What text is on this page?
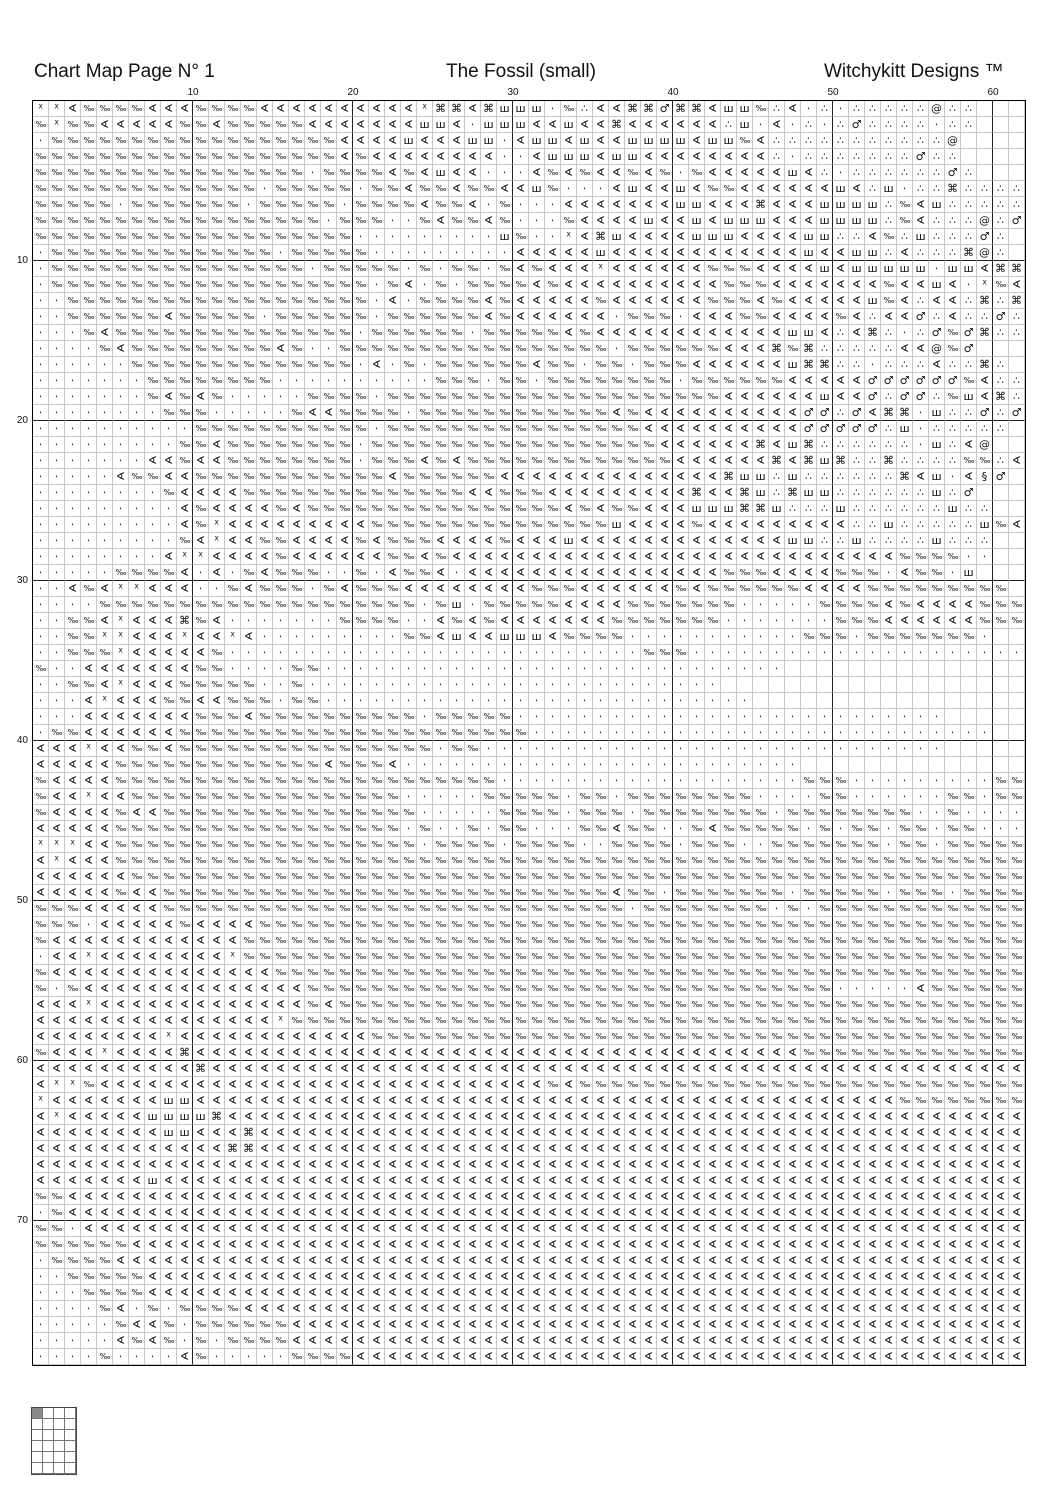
Chart Map Page N° 1	The Fossil (small)	Witchykitt Designs ™
10	20	30	40	50	60
10
20
30
40
50
60
70
ᕁ ᕁ ∢ ‰ ‰ ‰ ‰ ∢ ∢ ∢ ‰ ‰ ‰ ‰ ∢ ∢ ∢ ∢ ∢ ∢ ∢ ∢ ∢ ∢ ᕁ ⌘ ⌘ ∢ ⌘ ш ш ш ·	‰ ∴ ∢ ∢ ⌘ ⌘ ♂ ⌘ ⌘ ∢ ш ш ‰ ∴ ∢ · ∴ · ∴ ∴ ∴ ∴ ∴ @ ∴ ∴
‰ ᕁ	‰ ‰ ∢ ∢ ∢ ∢ ∢ ‰ ‰ ∢ ‰ ‰ ‰ ‰ ‰ ∢ ∢ ∢ ∢ ∢ ∢ ∢ ш ш ∢ · ш ш ш ∢ ∢ ш ∢ ∢ ⌘ ∢ ∢ ∢ ∢ ∢ ∢ ∴ ш · ∢ · ∴ · ∴ ♂ ∴ ∴ ∴ ∴ · ∴ ∴
·	‰ ‰ ‰ ‰ ‰ ‰ ‰ ‰ ‰ ‰ ‰ ‰ ‰ ‰ ‰ ‰ ‰ ‰ ∢ ∢ ∢ ∢ ш ∢ ∢ ∢ ш ш · ∢ ш ш ∢ ш ∢ ∢ ш ш ш ш ∢ ш ш ‰ ∢ ∴ ∴ ∴ ∴ ∴ ∴ ∴ ∴ ∴ ∴ ∴ @
‰ ‰ ‰ ‰ ‰ ‰ ‰ ‰ ‰ ‰ ‰ ‰ ‰ ‰ ‰ ‰ ‰ ‰ ‰ ∢ ‰ ∢ ∢ ∢ ∢ ∢ ∢ ∢ ∢ ·	· ∢ ш ш ш ∢ ш ш ∢ ∢ ∢ ∢ ∢ ∢ ∢ ∢ ∴ · ∴ ∴ ∴ ∴ ∴ ∴ ∴ ♂ ∴ ∴
‰ ‰ ‰ ‰ ‰ ‰ ‰ ‰ ‰ ‰ ‰ ‰ ‰ ‰ ‰ ‰ ‰ ·	‰ ‰ ‰ ‰ ∢ ‰ ∢ ш ∢ ∢ ·	·	· ∢ ‰ ∢ ‰ ∢ ∢ ‰ ∢ ‰ ·	‰ ∢ ∢ ∢ ∢ ∢ ш ∢ ∴ · ∴ ∴ ∴ ∴ ∴ ∴ ♂ ∴
‰ ‰ ‰ ‰ ‰ ‰ ‰ ‰ ‰ ‰ ‰ ‰ ‰ ‰ ·	‰ ‰ ‰ ‰ ‰ ·	‰ ‰ ∢ ‰ ‰ ∢ ‰ ‰ ∢ ∢ ш ‰ ·	·	· ∢ ш ∢ ∢ ш ∢ ‰ ‰ ∢ ∢ ∢ ∢ ∢ ∢ ш ∢ ∴ ш · ∴ ∴ ⌘ ∴ ∴ ∴ ∴
‰ ‰ ‰ ‰ ‰ ·	‰ ‰ ‰ ‰ ‰ ‰ ‰ ·	‰ ‰ ‰ ‰ ‰ ·	‰ ‰ ‰ ‰ ∢ ‰ ‰ ∢ ·	‰ ·	·	· ∢ ∢ ∢ ∢ ∢ ∢ ∢ ш ш ∢ ∢ ∢ ⌘ ∢ ∢ ∢ ш ш ш ш ∴ ‰ ∢ ш ∴ ∴ ∴ ∴ ∴
‰ ‰ ‰ ‰ ‰ ‰ ‰ ‰ ‰ ‰ ‰ ‰ ‰ ‰ ‰ ‰ ‰ ‰ ·	‰ ‰ ‰ ·	·	‰ ∢ ‰ ‰ ∢ ‰ ·	·	·	‰ ∢ ∢ ∢ ∢ ш ∢ ∢ ш ∢ ш ш ш ∢ ∢ ∢ ш ш ш ш ∴ ‰ ∢ ∴ ∴ ∴ @ ∴ ♂
‰ ‰ ‰ ‰ ‰ ‰ ‰ ‰ ‰ ‰ ‰ ‰ ‰ ‰ ‰ ‰ ‰ ‰ ‰ ‰ ·	·	·	·	·	·	·	·	· ш ‰ ·	·	ᕁ ∢ ⌘ ш ∢ ∢ ∢ ∢ ш ш ш ∢ ∢ ∢ ∢ ш ш ∴ ∴ ∢ ‰ ∴ ш ∴ ∴ ∴ ♂ ∴
·	‰ ‰ ‰ ‰ ‰ ‰ ‰ ‰ ‰ ‰ ‰ ‰ ‰ ‰ ·	‰ ‰ ‰ ‰ ‰ ·	·	·	·	·	·	·	·	· ∢ ∢ ∢ ∢ ∢ ш ∢ ∢ ∢ ∢ ∢ ∢ ∢ ∢ ∢ ∢ ∢ ∢ ш ∢ ∢ ш ш ∴ ∢ ∴ ∴ ∴ ⌘ @ ∴
·	‰ ‰ ‰ ‰ ‰ ‰ ‰ ‰ ‰ ‰ ‰ ‰ ‰ ‰ ‰ ‰ ·	‰ ‰ ‰ ‰ ‰ ·	‰ ·	‰ ‰ ·	‰ ∢ ‰ ∢ ∢ ∢ ᕁ ∢ ∢ ∢ ∢ ∢ ∢ ‰ ‰ ‰ ∢ ∢ ∢ ∢ ш ∢ ш ш ш ш ш · ш ш ∢ ⌘ ⌘
·	‰ ‰ ‰ ‰ ‰ ‰ ‰ ‰ ‰ ‰ ‰ ‰ ‰ ‰ ‰ ‰ ‰ ‰ ‰ ‰ ·	‰ ∢ ·	‰ ·	‰ ‰ ‰ ‰ ∢ ‰ ∢ ∢ ∢ ∢ ∢ ∢ ∢ ∢ ∢ ∢ ‰ ‰ ‰ ∢ ∢ ∢ ∢ ∢ ∢ ∢ ‰ ∢ ∢ ш ∢ ·	ᕁ	‰ ∢
·	·	‰ ‰ ‰ ‰ ‰ ‰ ‰ ‰ ‰ ‰ ‰ ‰ ‰ ‰ ‰ ‰ ‰ ‰ ‰ · ∢ ·	‰ ‰ ‰ ‰ ∢ ‰ ∢ ∢ ∢ ∢ ∢ ‰ ∢ ∢ ∢ ∢ ∢ ∢ ‰ ‰ ‰ ∢ ‰ ∢ ∢ ∢ ∢ ∢ ш ‰ ∢ ∴ ∢ ∢ ∴ ⌘ ∴ ⌘
·	·	‰ ‰ ‰ ‰ ‰ ‰ ∢ ‰ ‰ ‰ ‰ ‰ ·	‰ ‰ ‰ ‰ ‰ ‰ ·	‰ ‰ ‰ ‰ ‰ ‰ ∢ ‰ ∢ ∢ ∢ ∢ ∢ ∢ ·	‰ ‰ ‰ · ∢ ∢ ∢ ‰ ‰ ∢ ∢ ∢ ∢ ‰ ∢ ∴ ∢ ∢ ♂ ∴ ∢ ∴ ∴ ♂ ∴
·	·	·	‰ ∢ ‰ ‰ ‰ ‰ ‰ ‰ ‰ ‰ ‰ ‰ ‰ ‰ ‰ ‰ ‰ ·	‰ ‰ ‰ ‰ ‰ ‰ ·	‰ ‰ ‰ ‰ ‰ ∢ ‰ ∢ ∢ ∢ ∢ ∢ ∢ ∢ ∢ ∢ ∢ ∢ ∢ ш ш ∢ ∴ ∢ ⌘ ∴ · ∴ ♂ ‰ ♂ ⌘ ∴ ∴
·	·	·	·	‰ ∢ ‰ ‰ ‰ ‰ ‰ ‰ ‰ ‰ ‰ ∢ ‰ ·	·	‰ ‰ ‰ ‰ ‰ ‰ ‰ ‰ ‰ ‰ ‰ ‰ ‰ ‰ ‰ ‰ ‰ ·	‰ ‰ ‰ ‰ ‰ ‰ ∢ ∢ ∢ ⌘ ‰ ⌘ ∴ ∴ ∴ ∴ ∴ ∢ ∢ @ ‰ ♂
·	·	·	·	·	·	‰ ‰ ‰ ‰ ‰ ‰ ‰ ‰ ‰ ‰ ‰ ‰ ‰ ‰ · ∢ ·	‰ ·	‰ ‰ ‰ ‰ ‰ ‰ ∢ ‰ ‰ ·	‰ ‰ ·	‰ ‰ ‰ ∢ ∢ ∢ ∢ ∢ ∢ ш ⌘ ⌘ ∴ ∴ · ∴ ∴ ∴ ∢ ∴ ∴ ⌘ ∴
·	·	·	·	·	·	·	‰ ‰ ‰ ‰ ‰ ‰ ‰ ‰ ·	·	·	·	·	·	·	·	·	·	‰ ‰ ‰ ·	‰ ‰ ·	‰ ‰ ‰ ‰ ‰ ‰ ‰ ‰ ·	‰ ‰ ‰ ‰ ‰ ‰ ∢ ∢ ∢ ∢ ∢ ♂ ♂ ♂ ♂ ♂ ♂ ‰ ∢ ∴ ∴
·	·	·	·	·	·	·	‰ ∢ ‰ ∢ ‰ ·	·	·	·	·	‰ ‰ ‰ ‰ ·	‰ ‰ ‰ ‰ ‰ ‰ ‰ ‰ ‰ ‰ ‰ ‰ ‰ ‰ ‰ ‰ ‰ ‰ ‰ ‰ ‰ ∢ ∢ ∢ ∢ ∢ ∢ ш ∢ ∢ ♂ ∴ ♂ ♂ ∴ ‰ ш ∢ ⌘ ∴
·	·	·	·	·	·	·	·	‰ ‰ ‰ ·	·	·	·	·	‰ ∢ ∢ ‰ ‰ ‰ ‰ ·	‰ ‰ ‰ ‰ ‰ ‰ ‰ ‰ ‰ ‰ ‰ ‰ ∢ ‰ ∢ ∢ ∢ ∢ ∢ ∢ ∢ ∢ ∢ ∢ ♂ ♂ ∴ ♂ ∢ ⌘ ⌘ · ш ∴ ∴ ♂ ∴ ♂
·	·	·	·	·	·	·	·	·	·	‰ ‰ ‰ ‰ ‰ ‰ ‰ ‰ ‰ ‰ ‰ ·	‰ ‰ ‰ ‰ ‰ ‰ ‰ ‰ ‰ ‰ ‰ ‰ ‰ ‰ ‰ ‰ ∢ ∢ ∢ ∢ ∢ ∢ ∢ ∢ ∢ ∢ ♂ ♂ ♂ ♂ ♂ ∴ ш · ∴ ∴ ∴ ∴ ∴
·	·	·	·	·	·	·	·	·	‰ ‰ ∢ ‰ ‰ ‰ ‰ ‰ ‰ ‰ ‰ ·	‰ ‰ ‰ ‰ ‰ ‰ ‰ ‰ ‰ ‰ ‰ ‰ ‰ ‰ ‰ ‰ ‰ ‰ ∢ ∢ ∢ ∢ ∢ ∢ ⌘ ∢ ш ⌘ ∴ ∴ ∴ ∴ ∴ ∴ · ш ∴ ∢ @
·	·	·	·	·	·	· ∢ ∢ ‰ ∢ ∢ ‰ ‰ ‰ ‰ ‰ ‰ ‰ ‰ ·	‰ ‰ ‰ ∢ ‰ ∢ ‰ ‰ ‰ ‰ ‰ ‰ ‰ ‰ ‰ ‰ ‰ ‰ ‰ ∢ ∢ ∢ ∢ ∢ ∢ ⌘ ∢ ⌘ ш ⌘ ∴ ∴ ⌘ ∴ ∴ ∴ ∴ ‰ ‰ ∴ ∢
·	·	·	·	· ∢ ‰ ‰ ∢ ∢ ‰ ‰ ‰ ‰ ‰ ‰ ‰ ‰ ‰ ‰ ‰ ‰ ∢ ‰ ‰ ‰ ‰ ‰ ‰ ∢ ∢ ∢ ∢ ∢ ∢ ∢ ∢ ∢ ∢ ∢ ∢ ∢ ∢ ⌘ ш ш ∴ ш ∴ ∴ ∴ ∴ ∴ ∴ ⌘ ∢ ш · ∢ § ♂
·	·	·	·	·	·	·	·	‰ ∢ ∢ ∢ ∢ ‰ ‰ ‰ ‰ ‰ ‰ ‰ ‰ ‰ ‰ ‰ ‰ ‰ ‰ ∢ ∢ ‰ ‰ ‰ ∢ ∢ ∢ ∢ ∢ ∢ ∢ ∢ ∢ ⌘ ∢ ∢ ⌘ ш ∴ ⌘ ш ш ∴ ∴ ∴ ∴ ∴ ∴ ш ∴ ♂
·	·	·	·	·	·	·	·	· ∢ ‰ ∢ ∢ ∢ ∢ ‰ ∢ ‰ ‰ ‰ ‰ ‰ ‰ ‰ ‰ ‰ ‰ ‰ ‰ ‰ ‰ ‰ ‰ ∢ ‰ ∢ ‰ ‰ ∢ ∢ ∢ ш ш ш ⌘ ⌘ ш ∴ ∴ ∴ ш ∴ ∴ ∴ ∴ ∴ ∴ ш ∴ ∴
·	·	·	·	·	·	·	·	· ∢ ‰ ᕁ ∢ ∢ ∢ ∢ ∢ ∢ ∢ ∢ ∢ ‰ ‰ ‰ ‰ ‰ ‰ ‰ ‰ ‰ ‰ ‰ ‰ ‰ ‰ ‰ ш ∢ ∢ ∢ ∢ ‰ ∢ ∢ ∢ ∢ ∢ ∢ ∢ ∢ ∢ ∴ ∴ ш ∴ ∴ ∴ ∴ ∴ ш ‰ ∢
·	·	·	·	·	·	·	·	·	‰ ∢ ᕁ ∢ ∢ ‰ ‰ ∢ ∢ ∢ ∢ ‰ ∢ ‰ ‰ ‰ ∢ ∢ ∢ ∢ ‰ ∢ ∢ ∢ ш ∢ ∢ ∢ ∢ ∢ ∢ ∢ ∢ ∢ ∢ ∢ ∢ ∢ ш ш ∴ ∴ ш ∴ ∴ ∴ ∴ ш ∴ ∴ ∴
·	·	·	·	·	·	·	· ∢ ᕁ ᕁ ∢ ∢ ∢ ∢ ‰ ∢ ∢ ∢ ∢ ∢ ∢ ‰ ‰ ∢ ‰ ∢ ∢ ∢ ∢ ∢ ∢ ∢ ∢ ∢ ∢ ∢ ∢ ∢ ∢ ∢ ∢ ∢ ∢ ∢ ∢ ∢ ∢ ∢ ∢ ∢ ∢ ∢ ∢ ‰ ‰ ‰ ‰ ·	·
·	·	·	·	·	‰ ‰ ‰ ‰ ∢ · ∢ ·	‰ ∢ ‰ ‰ ‰ ·	·	‰ · ∢ ‰ ‰ ∢ · ∢ ∢ ∢ ∢ ∢ ∢ ∢ ∢ ∢ ∢ ∢ ∢ ∢ ∢ ∢ ∢ ‰ ‰ ‰ ∢ ∢ ∢ ∢ ‰ ‰ ‰ · ∢ ‰ ‰ · ш
·	· ∢ ‰ ∢ ᕁ ᕁ ∢ ∢ ∢ ·	·	‰ ∢ ‰ ‰ ‰ ·	‰ ∢ ‰ ‰ ‰ ∢ ∢ ∢ ∢ ∢ ∢ ∢ ∢ ‰ ‰ ‰ ∢ ∢ ∢ ∢ ∢ ∢ ‰ ∢ ‰ ‰ ‰ ‰ ‰ ‰ ∢ ∢ ∢ ∢ ‰ ‰ ‰ ‰ ‰ ‰ ‰ ‰ ‰
·	·	·	·	‰ ‰ ‰ ‰ ‰ ‰ ‰ ‰ ‰ ‰ ‰ ‰ ‰ ‰ ‰ ‰ ‰ ‰ ‰ ‰ ·	‰ ш ·	‰ ‰ ‰ ‰ ‰ ∢ ∢ ∢ ∢ ‰ ‰ ‰ ‰ ‰ ‰ ‰ ·	·	·	·	·	‰ ‰ ‰ ‰ ∢ ‰ ∢ ∢ ∢ ∢ ‰ ‰ ‰
·	·	‰ ‰ ∢ ᕁ ∢ ∢ ∢ ⌘ ‰ ∢ ·	·	·	·	·	·	·	‰ ‰ ‰ ‰ ·	· ∢ ‰ ∢ ‰ ∢ ∢ ∢ ∢ ∢ ∢ ∢ ‰ ‰ ‰ ‰ ‰ ‰ ‰ ·	·	·	·	·	·	·	‰ ‰ ‰ ∢ ∢ ∢ ∢ ∢ ∢ ‰ ‰ ‰
·	·	‰ ‰ ᕁ ᕁ ∢ ∢ ∢ ᕁ ∢ ∢ ᕁ ∢ ·	·	·	·	·	·	·	·	·	‰ ‰ ∢ ш ∢ ∢ ш ш ш ∢ ‰ ‰ ‰ ‰ ·	·	·	·	·	·	·	·	·	·	·	‰ ‰ ‰ ·	‰ ‰ ‰ ‰ ‰ ‰ ‰ ·
·	·	‰ ‰ ‰ ᕁ ∢ ∢ ∢ ∢ ∢ ‰ ·	·	·	·	·	·	·	·	·	·	·	·	·	·	·	·	·	·	·	·	·	·	·	·	·	·	‰ ‰ ‰ ·	·	·	·	·	·	·	·	·	·	·	·	·	·	·	·	·	·	·	·	·
‰ ·	· ∢ ∢ ∢ ∢ ∢ ∢ ∢ ‰ ‰ ·	·	·	·	‰ ‰ ·	·	·	·	·	·	·	·	·	·	·	·	·	·	·	·	·	·	·	·	·	·	·	·	·	·	·	·	·
·	·	‰ ‰ ∢ ᕁ ∢ ∢ ∢ ‰ ‰ ‰ ‰ ‰ ·	·	‰ ·	·	·	·	·	·	·	·	·	·	·	·	·	·	·	·	·	·	·	·	·	·	·	·	·	·
·	·	· ∢ ᕁ ∢ ∢ ∢ ‰ ‰ ∢ ∢ ‰ ‰ ‰ ·	‰ ‰ ·	·	·	·	·	·	·	·	·	·	·	·	·	·	·	·	·	·	·	·	·	·	·	·	·	·	·
·	·	· ∢ ∢ ∢ ∢ ∢ ∢ ∢ ‰ ‰ ‰ ∢ ‰ ‰ ‰ ‰ ‰ ‰ ‰ ‰ ‰ ‰ ·	‰ ‰ ‰ ‰ ‰ ·	·	·	·	·	·	·	·	·	·	·	·	·	·	·	·	·	·	·	·	·	·	·	·	·	·	·
·	‰ ‰ ∢ ∢ ∢ ∢ ∢ ∢ ‰ ‰ ‰ ‰ ‰ ‰ ‰ ‰ ‰ ‰ ‰ ‰ ‰ ‰ ‰ ‰ ‰ ‰ ‰ ‰ ‰ ‰ ·	·	·	·	·	·	·	·	·	·	·	·	·	·	·	·	·	·	·	·	·	·	·	·	·	·	·	·	·
∢ ∢ ∢ ᕁ ∢ ∢ ‰ ‰ ∢ ‰ ‰ ‰ ‰ ‰ ‰ ‰ ‰ ‰ ‰ ‰ ‰ ‰ ‰ ‰ ‰ ·	‰ ‰ ·	·	·	·	·	·	·	·	·	·	·	·	·	·	·	·	·	·	·	·	·	·	·	·	·	·	·	·	·
∢ ∢ ∢ ∢ ∢ ‰ ‰ ‰ ‰ ‰ ‰ ‰ ‰ ‰ ‰ ‰ ‰ ‰ ∢ ‰ ‰ ‰ ∢ ·	·	·	·	·	·	·	·	·	·	·	·	·	·	·	·	·	·	·	·	·	·	·	·	·
‰ ∢ ∢ ∢ ∢ ‰ ‰ ‰ ‰ ‰ ‰ ‰ ‰ ‰ ‰ ‰ ‰ ‰ ‰ ‰ ‰ ‰ ‰ ‰ ‰ ‰ ‰ ‰ ‰ ·	·	·	·	·	·	·	·	·	·	·	·	·	·	·	·	·	·	·	‰ ‰ ‰ ·	·	·	·	·	·	·	·	·	‰ ‰
‰ ∢ ∢ ᕁ ∢ ∢ ‰ ‰ ‰ ‰ ‰ ‰ ‰ ‰ ‰ ‰ ‰ ‰ ‰ ‰ ‰ ‰ ‰ ·	·	·	·	·	‰ ‰ ‰ ‰ ‰ ·	‰ ‰ ·	‰ ‰ ‰ ‰ ‰ ‰ ‰ ‰ ·	·	·	·	‰ ‰ ·	·	·	·	·	·	‰ ‰ ·	‰ ‰
‰ ∢ ∢ ∢ ∢ ‰ ∢ ∢ ‰ ‰ ‰ ‰ ‰ ‰ ‰ ‰ ‰ ‰ ‰ ‰ ‰ ‰ ‰ ‰ ·	·	·	·	·	‰ ‰ ‰ ‰ ·	‰ ‰ ‰ ·	‰ ‰ ‰ ‰ ‰ ‰ ‰ ‰ ·	‰ ‰ ‰ ‰ ‰ ‰ ‰ ‰ ·	·	‰ ·	·	·	·
∢ ∢ ∢ ∢ ∢ ‰ ‰ ‰ ‰ ‰ ‰ ‰ ‰ ‰ ‰ ‰ ‰ ‰ ‰ ‰ ‰ ‰ ‰ ·	‰ ·	·	‰ ·	‰ ‰ ·	·	·	‰ ‰ ∢ ‰ ‰ ·	·	‰ ∢ ‰ ‰ ‰ ‰ ‰ ·	‰ ·	‰ ‰ ·	‰ ‰ ·	‰ ‰ ·	·	·
ᕁ ᕁ ᕁ ∢ ∢ ‰ ‰ ‰ ‰ ‰ ‰ ‰ ‰ ‰ ‰ ‰ ‰ ‰ ‰ ‰ ‰ ‰ ‰ ‰ ·	‰ ‰ ‰ ‰ ·	‰ ‰ ‰ ‰ ·	·	‰ ‰ ‰ ‰ ·	‰ ‰ ‰ ·	·	‰ ‰ ‰ ‰ ‰ ‰ ‰ ·	‰ ‰ ·	‰ ‰ ‰ ‰ ‰
∢ ᕁ ∢ ∢ ∢ ‰ ‰ ‰ ‰ ‰ ‰ ‰ ‰ ‰ ‰ ‰ ‰ ‰ ‰ ‰ ‰ ‰ ‰ ‰ ‰ ‰ ‰ ‰ ‰ ‰ ‰ ‰ ‰ ‰ ‰ ‰ ‰ ‰ ‰ ‰ ‰ ‰ ‰ ‰ ‰ ‰ ‰ ‰ ‰ ‰ ‰ ‰ ‰ ‰ ‰ ‰ ‰ ‰ ‰ ‰ ‰ ‰
∢ ∢ ∢ ∢ ∢ ∢ ‰ ‰ ‰ ‰ ‰ ‰ ‰ ‰ ‰ ‰ ‰ ‰ ‰ ‰ ‰ ‰ ‰ ‰ ‰ ‰ ‰ ‰ ‰ ‰ ‰ ‰ ‰ ‰ ‰ ‰ ‰ ‰ ‰ ‰ ‰ ‰ ‰ ‰ ‰ ‰ ‰ ‰ ‰ ‰ ‰ ‰ ‰ ‰ ‰ ‰ ‰ ‰ ‰ ‰ ‰ ‰
∢ ∢ ∢ ∢ ∢ ‰ ∢ ∢ ‰ ‰ ‰ ‰ ‰ ‰ ‰ ‰ ‰ ‰ ‰ ‰ ‰ ‰ ‰ ‰ ‰ ‰ ‰ ‰ ‰ ‰ ‰ ‰ ‰ ‰ ‰ ‰ ∢ ‰ ‰ ·	‰ ‰ ‰ ‰ ‰ ‰ ‰ ·	‰ ‰ ‰ ‰ ‰ ·	‰ ‰ ‰ ·	‰ ‰ ‰ ‰
‰ ‰ ‰ ∢ ∢ ∢ ∢ ∢ ‰ ‰ ‰ ‰ ‰ ‰ ‰ ‰ ‰ ‰ ‰ ‰ ‰ ‰ ‰ ‰ ‰ ‰ ‰ ‰ ‰ ‰ ‰ ‰ ‰ ‰ ‰ ‰ ‰ ·	‰ ‰ ‰ ‰ ‰ ‰ ‰ ‰ ·	‰ ·	‰ ‰ ‰ ‰ ‰ ‰ ‰ ‰ ‰ ‰ ‰ ‰ ‰
‰ ‰ ‰ · ∢ ∢ ∢ ∢ ∢ ‰ ∢ ∢ ∢ ∢ ‰ ‰ ‰ ‰ ‰ ‰ ‰ ‰ ‰ ‰ ‰ ‰ ‰ ‰ ‰ ‰ ‰ ‰ ‰ ‰ ‰ ‰ ‰ ‰ ‰ ‰ ‰ ‰ ‰ ‰ ‰ ‰ ‰ ‰ ‰ ‰ ‰ ‰ ‰ ‰ ‰ ‰ ‰ ‰ ‰ ‰ ‰ ‰
‰ ∢ ∢ ∢ ∢ ∢ ∢ ∢ ∢ ∢ ∢ ∢ ∢ ‰ ‰ ‰ ‰ ‰ ‰ ‰ ‰ ‰ ‰ ‰ ‰ ‰ ‰ ‰ ‰ ‰ ‰ ‰ ‰ ‰ ‰ ‰ ‰ ‰ ‰ ‰ ‰ ‰ ‰ ‰ ‰ ‰ ‰ ‰ ‰ ‰ ‰ ‰ ‰ ‰ ‰ ‰ ‰ ‰ ‰ ‰ ‰ ‰
· ∢ ∢ ᕁ ∢ ∢ ∢ ∢ ∢ ∢ ∢ ∢ ᕁ	‰ ‰ ‰ ‰ ‰ ‰ ‰ ‰ ‰ ‰ ‰ ‰ ‰ ‰ ‰ ‰ ‰ ‰ ‰ ‰ ‰ ‰ ‰ ‰ ‰ ‰ ‰ ‰ ‰ ‰ ‰ ‰ ‰ ‰ ‰ ‰ ‰ ‰ ‰ ‰ ‰ ‰ ‰ ‰ ‰ ‰ ‰ ‰ ‰
‰ ∢ ∢ ∢ ∢ ∢ ∢ ∢ ∢ ∢ ∢ ∢ ∢ ∢ ∢ ‰ ‰ ‰ ‰ ‰ ‰ ‰ ‰ ‰ ‰ ‰ ‰ ‰ ‰ ‰ ‰ ‰ ‰ ‰ ‰ ‰ ‰ ‰ ‰ ‰ ‰ ‰ ‰ ‰ ‰ ‰ ‰ ‰ ‰ ‰ ‰ ‰ ‰ ‰ ‰ ‰ ‰ ‰ ‰ ‰ ‰ ‰
‰ ·	‰ ∢ ∢ ∢ ∢ ∢ ∢ ∢ ∢ ∢ ∢ ∢ ∢ ∢ ∢ ‰ ‰ ‰ ‰ ‰ ‰ ‰ ‰ ‰ ‰ ‰ ‰ ‰ ‰ ‰ ‰ ‰ ‰ ‰ ‰ ‰ ‰ ‰ ‰ ‰ ‰ ‰ ‰ ‰ ‰ ‰ ‰ ‰ ·	·	·	·	· ∢ ‰ ‰ ‰ ‰ ‰ ‰
∢ ∢ ∢ ᕁ ∢ ∢ ∢ ∢ ∢ ∢ ∢ ∢ ∢ ∢ ∢ ∢ ∢ ‰ ∢ ‰ ‰ ‰ ‰ ‰ ‰ ‰ ‰ ‰ ‰ ‰ ‰ ‰ ‰ ‰ ‰ ‰ ‰ ‰ ‰ ‰ ‰ ‰ ‰ ‰ ‰ ‰ ‰ ‰ ‰ ‰ ‰ ‰ ‰ ‰ ‰ ‰ ‰ ‰ ‰ ‰ ‰ ‰
∢ ∢ ∢ ∢ ∢ ∢ ∢ ∢ ∢ ∢ ∢ ∢ ∢ ∢ ∢ ᕁ	‰ ‰ ‰ ‰ ‰ ‰ ‰ ‰ ‰ ‰ ‰ ‰ ‰ ‰ ‰ ‰ ‰ ‰ ‰ ‰ ‰ ‰ ‰ ‰ ‰ ‰ ‰ ‰ ‰ ‰ ‰ ‰ ‰ ‰ ‰ ‰ ‰ ‰ ‰ ‰ ‰ ‰ ‰ ‰ ‰ ‰
∢ ∢ ∢ ∢ ∢ ∢ ∢ ∢ ᕁ ∢ ∢ ∢ ∢ ∢ ∢ ∢ ∢ ∢ ∢ ∢ ∢ ‰ ‰ ‰ ‰ ‰ ‰ ‰ ‰ ‰ ‰ ‰ ‰ ‰ ‰ ‰ ‰ ‰ ‰ ‰ ‰ ‰ ‰ ‰ ‰ ‰ ‰ ‰ ‰ ‰ ‰ ‰ ‰ ‰ ‰ ‰ ‰ ‰ ‰ ‰ ‰ ‰
‰ ∢ ∢ ∢ ᕁ ∢ ∢ ∢ ∢ ⌘ ∢ ∢ ∢ ∢ ∢ ∢ ∢ ∢ ∢ ∢ ∢ ∢ ∢ ∢ ∢ ∢ ∢ ∢ ∢ ∢ ∢ ∢ ∢ ∢ ∢ ∢ ∢ ∢ ∢ ∢ ∢ ∢ ∢ ∢ ∢ ∢ ∢ ∢ ‰ ‰ ‰ ‰ ‰ ‰ ‰ ‰ ‰ ‰ ‰ ‰ ‰ ‰
∢ ∢ ∢ ∢ ∢ ∢ ∢ ∢ ∢ ∢ ⌘ ∢ ∢ ∢ ∢ ∢ ∢ ∢ ∢ ∢ ∢ ∢ ∢ ∢ ∢ ∢ ∢ ∢ ∢ ∢ ∢ ∢ ∢ ∢ ∢ ∢ ∢ ∢ ∢ ∢ ∢ ∢ ∢ ∢ ∢ ∢ ∢ ∢ ∢ ∢ ∢ ∢ ∢ ∢ ∢ ∢ ∢ ∢ ∢ ∢ ∢ ∢
∢ ᕁ ᕁ	‰ ∢ ∢ ∢ ∢ ∢ ∢ ∢ ∢ ∢ ∢ ∢ ∢ ∢ ∢ ∢ ∢ ∢ ∢ ∢ ∢ ∢ ∢ ∢ ∢ ∢ ∢ ∢ ∢ ‰ ∢ ‰ ‰ ‰ ‰ ‰ ‰ ‰ ‰ ‰ ‰ ‰ ‰ ‰ ‰ ‰ ‰ ‰ ‰ ‰ ‰ ‰ ‰ ‰ ‰ ‰ ‰ ‰ ‰
ᕁ ∢ ∢ ∢ ∢ ∢ ∢ ∢ ш ш ∢ ∢ ∢ ∢ ∢ ∢ ∢ ∢ ∢ ∢ ∢ ∢ ∢ ∢ ∢ ∢ ∢ ∢ ∢ ∢ ∢ ∢ ∢ ∢ ∢ ∢ ∢ ∢ ∢ ∢ ∢ ∢ ∢ ∢ ∢ ∢ ∢ ∢ ∢ ∢ ∢ ∢ ∢ ∢ ‰ ‰ ‰ ‰ ‰ ‰ ‰ ‰
∢ ᕁ ∢ ∢ ∢ ∢ ∢ ш ш ш ш ⌘ ∢ ∢ ∢ ∢ ∢ ∢ ∢ ∢ ∢ ∢ ∢ ∢ ∢ ∢ ∢ ∢ ∢ ∢ ∢ ∢ ∢ ∢ ∢ ∢ ∢ ∢ ∢ ∢ ∢ ∢ ∢ ∢ ∢ ∢ ∢ ∢ ∢ ∢ ∢ ∢ ∢ ∢ ∢ ∢ ∢ ∢ ∢ ∢ ∢ ∢
∢ ∢ ∢ ∢ ∢ ∢ ∢ ∢ ш ш ∢ ∢ ∢ ⌘ ∢ ∢ ∢ ∢ ∢ ∢ ∢ ∢ ∢ ∢ ∢ ∢ ∢ ∢ ∢ ∢ ∢ ∢ ∢ ∢ ∢ ∢ ∢ ∢ ∢ ∢ ∢ ∢ ∢ ∢ ∢ ∢ ∢ ∢ ∢ ∢ ∢ ∢ ∢ ∢ ∢ ∢ ∢ ∢ ∢ ∢ ∢ ∢
∢ ∢ ∢ ∢ ∢ ∢ ∢ ∢ ∢ ∢ ∢ ∢ ⌘ ⌘ ∢ ∢ ∢ ∢ ∢ ∢ ∢ ∢ ∢ ∢ ∢ ∢ ∢ ∢ ∢ ∢ ∢ ∢ ∢ ∢ ∢ ∢ ∢ ∢ ∢ ∢ ∢ ∢ ∢ ∢ ∢ ∢ ∢ ∢ ∢ ∢ ∢ ∢ ∢ ∢ ∢ ∢ ∢ ∢ ∢ ∢ ∢ ∢
∢ ∢ ∢ ∢ ∢ ∢ ∢ ∢ ∢ ∢ ∢ ∢ ∢ ∢ ∢ ∢ ∢ ∢ ∢ ∢ ∢ ∢ ∢ ∢ ∢ ∢ ∢ ∢ ∢ ∢ ∢ ∢ ∢ ∢ ∢ ∢ ∢ ∢ ∢ ∢ ∢ ∢ ∢ ∢ ∢ ∢ ∢ ∢ ∢ ∢ ∢ ∢ ∢ ∢ ∢ ∢ ∢ ∢ ∢ ∢ ∢ ∢
∢ ∢ ∢ ∢ ∢ ∢ ∢ ш ∢ ∢ ∢ ∢ ∢ ∢ ∢ ∢ ∢ ∢ ∢ ∢ ∢ ∢ ∢ ∢ ∢ ∢ ∢ ∢ ∢ ∢ ∢ ∢ ∢ ∢ ∢ ∢ ∢ ∢ ∢ ∢ ∢ ∢ ∢ ∢ ∢ ∢ ∢ ∢ ∢ ∢ ∢ ∢ ∢ ∢ ∢ ∢ ∢ ∢ ∢ ∢ ∢ ∢
‰ ‰ ∢ ∢ ∢ ∢ ∢ ∢ ∢ ∢ ∢ ∢ ∢ ∢ ∢ ∢ ∢ ∢ ∢ ∢ ∢ ∢ ∢ ∢ ∢ ∢ ∢ ∢ ∢ ∢ ∢ ∢ ∢ ∢ ∢ ∢ ∢ ∢ ∢ ∢ ∢ ∢ ∢ ∢ ∢ ∢ ∢ ∢ ∢ ∢ ∢ ∢ ∢ ∢ ∢ ∢ ∢ ∢ ∢ ∢ ∢ ∢
·	‰ ∢ ∢ ∢ ∢ ∢ ∢ ∢ ∢ ∢ ∢ ∢ ∢ ∢ ∢ ∢ ∢ ∢ ∢ ∢ ∢ ∢ ∢ ∢ ∢ ∢ ∢ ∢ ∢ ∢ ∢ ∢ ∢ ∢ ∢ ∢ ∢ ∢ ∢ ∢ ∢ ∢ ∢ ∢ ∢ ∢ ∢ ∢ ∢ ∢ ∢ ∢ ∢ ∢ ∢ ∢ ∢ ∢ ∢ ∢ ∢
‰ ‰ · ∢ ∢ ∢ ∢ ∢ ∢ ∢ ∢ ∢ ∢ ∢ ∢ ∢ ∢ ∢ ∢ ∢ ∢ ∢ ∢ ∢ ∢ ∢ ∢ ∢ ∢ ∢ ∢ ∢ ∢ ∢ ∢ ∢ ∢ ∢ ∢ ∢ ∢ ∢ ∢ ∢ ∢ ∢ ∢ ∢ ∢ ∢ ∢ ∢ ∢ ∢ ∢ ∢ ∢ ∢ ∢ ∢ ∢ ∢
‰ ‰ ‰ ‰ ‰ ‰ ∢ ∢ ∢ ∢ ∢ ∢ ∢ ∢ ∢ ∢ ∢ ∢ ∢ ∢ ∢ ∢ ∢ ∢ ∢ ∢ ∢ ∢ ∢ ∢ ∢ ∢ ∢ ∢ ∢ ∢ ∢ ∢ ∢ ∢ ∢ ∢ ∢ ∢ ∢ ∢ ∢ ∢ ∢ ∢ ∢ ∢ ∢ ∢ ∢ ∢ ∢ ∢ ∢ ∢ ∢ ∢
·	‰ ‰ ‰ ‰ ∢ ∢ ∢ ∢ ∢ ∢ ∢ ∢ ∢ ∢ ∢ ∢ ∢ ∢ ∢ ∢ ∢ ∢ ∢ ∢ ∢ ∢ ∢ ∢ ∢ ∢ ∢ ∢ ∢ ∢ ∢ ∢ ∢ ∢ ∢ ∢ ∢ ∢ ∢ ∢ ∢ ∢ ∢ ∢ ∢ ∢ ∢ ∢ ∢ ∢ ∢ ∢ ∢ ∢ ∢ ∢ ∢
·	·	‰ ‰ ‰ ‰ ‰ ∢ ∢ ∢ ∢ ∢ ∢ ∢ ∢ ∢ ∢ ∢ ∢ ∢ ∢ ∢ ∢ ∢ ∢ ∢ ∢ ∢ ∢ ∢ ∢ ∢ ∢ ∢ ∢ ∢ ∢ ∢ ∢ ∢ ∢ ∢ ∢ ∢ ∢ ∢ ∢ ∢ ∢ ∢ ∢ ∢ ∢ ∢ ∢ ∢ ∢ ∢ ∢ ∢ ∢ ∢
·	·	·	‰ ‰ ‰ ‰ ∢ ∢ ∢ ∢ ∢ ∢ ∢ ∢ ∢ ∢ ∢ ∢ ∢ ∢ ∢ ∢ ∢ ∢ ∢ ∢ ∢ ∢ ∢ ∢ ∢ ∢ ∢ ∢ ∢ ∢ ∢ ∢ ∢ ∢ ∢ ∢ ∢ ∢ ∢ ∢ ∢ ∢ ∢ ∢ ∢ ∢ ∢ ∢ ∢ ∢ ∢ ∢ ∢ ∢ ∢
·	·	·	·	‰ ∢ ·	‰ ·	‰ ‰ ‰ ‰ ∢ ∢ ∢ ∢ ∢ ∢ ∢ ∢ ∢ ∢ ∢ ∢ ∢ ∢ ∢ ∢ ∢ ∢ ∢ ∢ ∢ ∢ ∢ ∢ ∢ ∢ ∢ ∢ ∢ ∢ ∢ ∢ ∢ ∢ ∢ ∢ ∢ ∢ ∢ ∢ ∢ ∢ ∢ ∢ ∢ ∢ ∢ ∢ ∢
·	·	·	·	·	‰ ∢ ∢ ‰ ·	‰ ‰ ‰ ‰ ‰ ‰ ∢ ∢ ∢ ∢ ∢ ∢ ∢ ∢ ∢ ∢ ∢ ∢ ∢ ∢ ∢ ∢ ∢ ∢ ∢ ∢ ∢ ∢ ∢ ∢ ∢ ∢ ∢ ∢ ∢ ∢ ∢ ∢ ∢ ∢ ∢ ∢ ∢ ∢ ∢ ∢ ∢ ∢ ∢ ∢ ∢ ∢
·	·	·	·	· ∢ ‰ ∢ ‰ ·	‰ ·	‰ ‰ ‰ ‰ ∢ ∢ ∢ ∢ ∢ ∢ ∢ ∢ ∢ ∢ ∢ ∢ ∢ ∢ ∢ ∢ ∢ ∢ ∢ ∢ ∢ ∢ ∢ ∢ ∢ ∢ ∢ ∢ ∢ ∢ ∢ ∢ ∢ ∢ ∢ ∢ ∢ ∢ ∢ ∢ ∢ ∢ ∢ ∢ ∢ ∢
·	·	·	·	‰ ·	·	·	· ∢ ‰ ·	·	·	·	·	‰ ‰ ‰ ‰ ∢ ∢ ∢ ∢ ∢ ∢ ∢ ∢ ∢ ∢ ∢ ∢ ∢ ∢ ∢ ∢ ∢ ∢ ∢ ∢ ∢ ∢ ∢ ∢ ∢ ∢ ∢ ∢ ∢ ∢ ∢ ∢ ∢ ∢ ∢ ∢ ∢ ∢ ∢ ∢ ∢ ∢
